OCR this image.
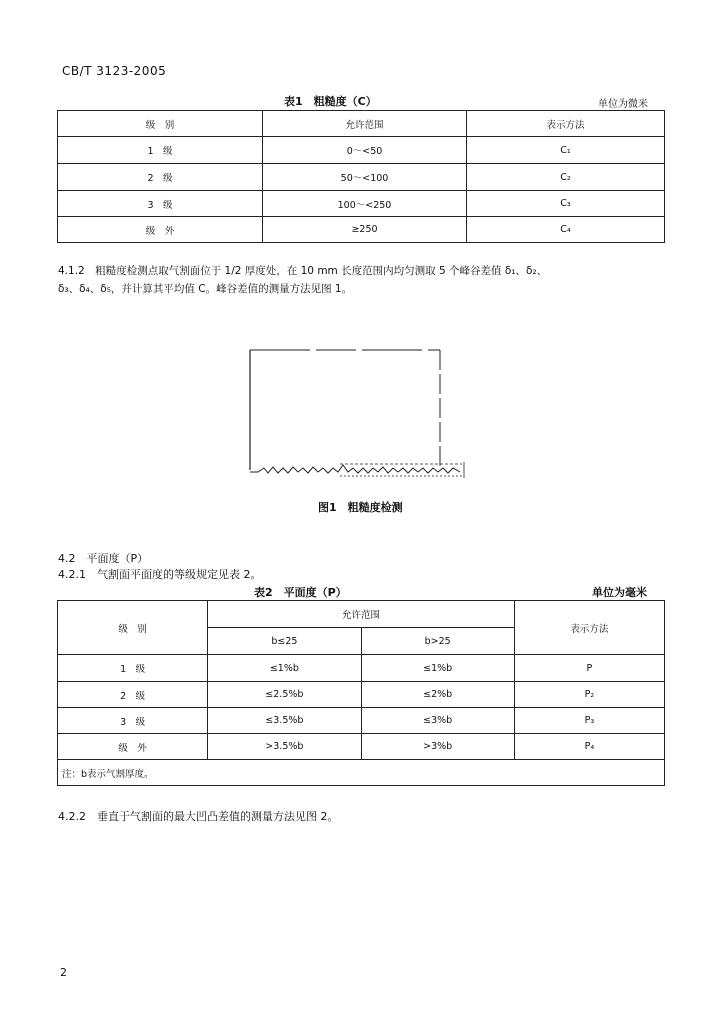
CB/T 3123-2005
表1　粗糙度（C）	单位为微米
级　别	允许范围	表示方法
1　级	0～<50	C₁
2　级	50～<100	C₂
3　级	100～<250	C₃
级　外	≥250	C₄
4.1.2　粗糙度检测点取气割面位于 1/2 厚度处，在 10 mm 长度范围内均匀测取 5 个峰谷差值 δ₁、δ₂、
δ₃、δ₄、δ₅，并计算其平均值 C。峰谷差值的测量方法见图 1。
图1　粗糙度检测
4.2　平面度（P）
4.2.1　气割面平面度的等级规定见表 2。
表2　平面度（P）	单位为毫米
级　别	允许范围		表示方法
	b≤25	b>25	
1　级	≤1%b	≤1%b	P
2　级	≤2.5%b	≤2%b	P₂
3　级	≤3.5%b	≤3%b	P₃
级　外	>3.5%b	>3%b	P₄
注：b表示气割厚度。			
4.2.2　垂直于气割面的最大凹凸差值的测量方法见图 2。
2
